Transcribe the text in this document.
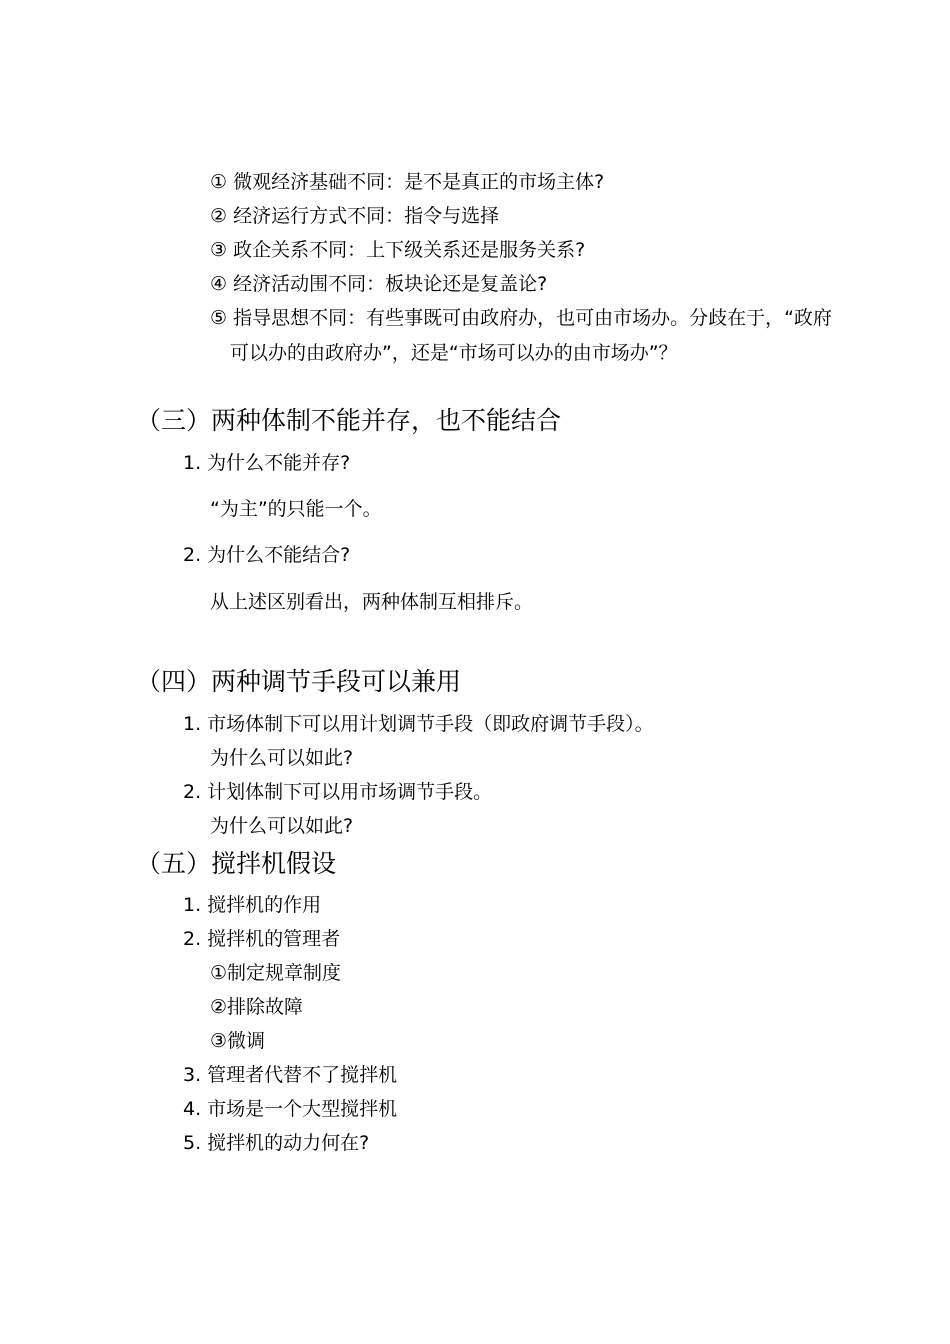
① 微观经济基础不同：是不是真正的市场主体?
② 经济运行方式不同：指令与选择
③ 政企关系不同：上下级关系还是服务关系?
④ 经济活动围不同：板块论还是复盖论?
⑤ 指导思想不同：有些事既可由政府办，也可由市场办。分歧在于，“政府
可以办的由政府办”，还是“市场可以办的由市场办”？
（三）两种体制不能并存，也不能结合
1. 为什么不能并存?
“为主”的只能一个。
2. 为什么不能结合?
从上述区别看出，两种体制互相排斥。
（四）两种调节手段可以兼用
1. 市场体制下可以用计划调节手段（即政府调节手段）。
为什么可以如此?
2. 计划体制下可以用市场调节手段。
为什么可以如此?
（五）搅拌机假设
1. 搅拌机的作用
2. 搅拌机的管理者
①制定规章制度
②排除故障
③微调
3. 管理者代替不了搅拌机
4. 市场是一个大型搅拌机
5. 搅拌机的动力何在?
